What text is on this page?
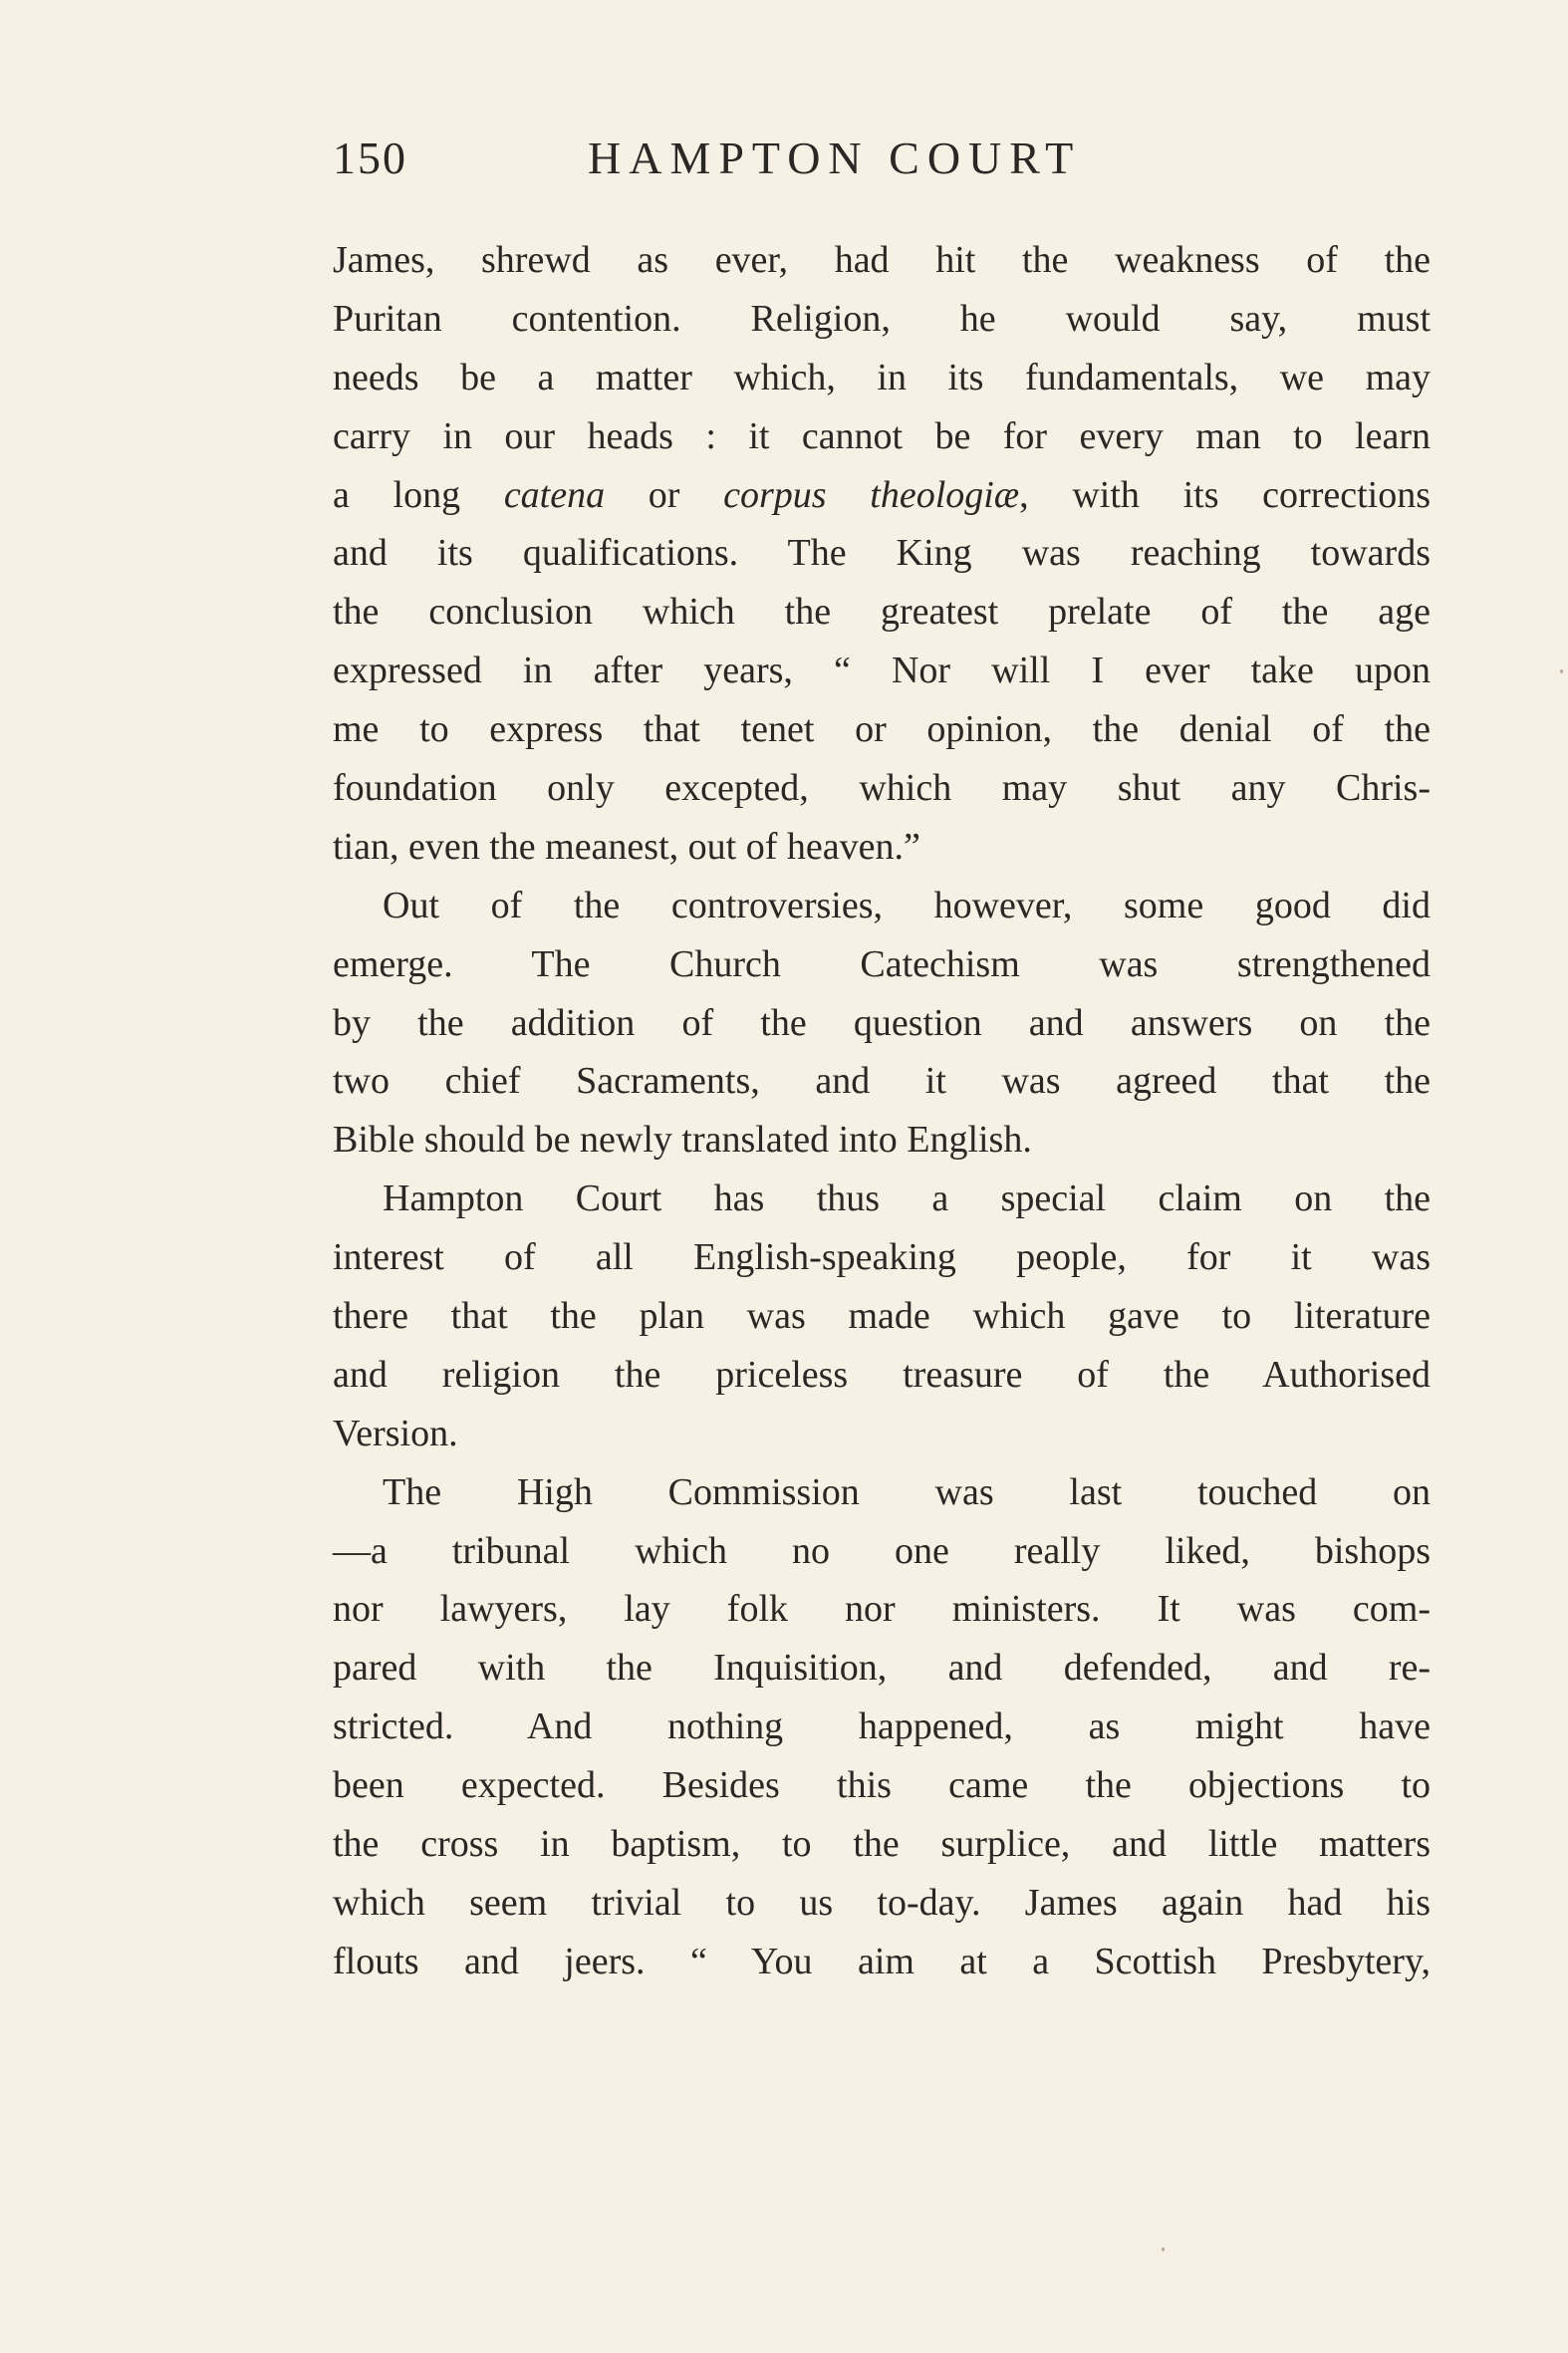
150	HAMPTON COURT
James, shrewd as ever, had hit the weakness of the
Puritan contention. Religion, he would say, must
needs be a matter which, in its fundamentals, we may
carry in our heads : it cannot be for every man to learn
a long catena or corpus theologiæ, with its corrections
and its qualifications. The King was reaching towards
the conclusion which the greatest prelate of the age
expressed in after years, “ Nor will I ever take upon
me to express that tenet or opinion, the denial of the
foundation only excepted, which may shut any Chris-
tian, even the meanest, out of heaven.”
Out of the controversies, however, some good did
emerge. The Church Catechism was strengthened
by the addition of the question and answers on the
two chief Sacraments, and it was agreed that the
Bible should be newly translated into English.
Hampton Court has thus a special claim on the
interest of all English-speaking people, for it was
there that the plan was made which gave to literature
and religion the priceless treasure of the Authorised
Version.
The High Commission was last touched on
—a tribunal which no one really liked, bishops
nor lawyers, lay folk nor ministers. It was com-
pared with the Inquisition, and defended, and re-
stricted. And nothing happened, as might have
been expected. Besides this came the objections to
the cross in baptism, to the surplice, and little matters
which seem trivial to us to-day. James again had his
flouts and jeers. “ You aim at a Scottish Presbytery,
